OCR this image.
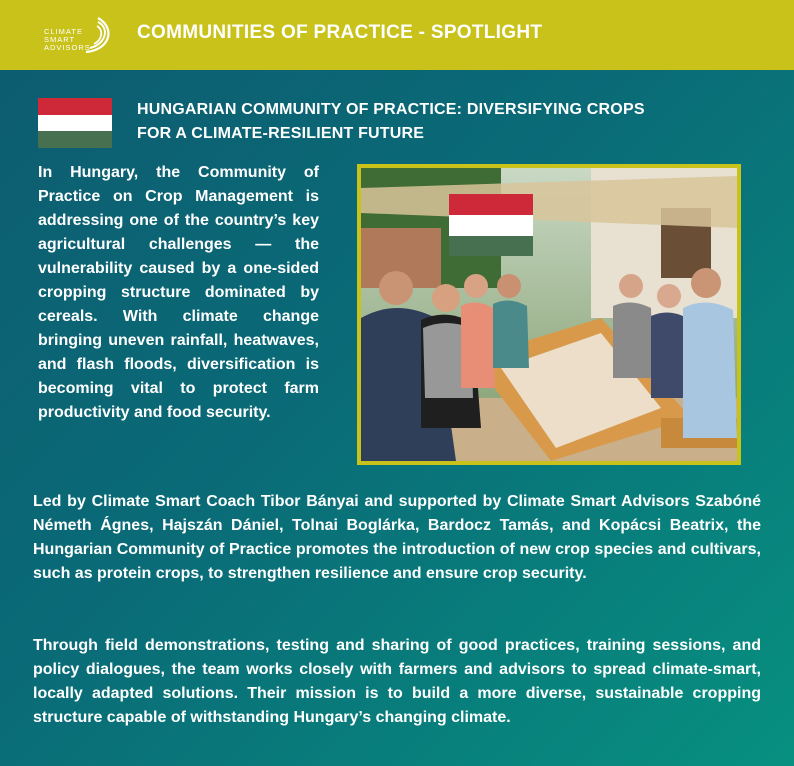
CLIMATE
SMART
ADVISORS
COMMUNITIES OF PRACTICE - SPOTLIGHT
HUNGARIAN COMMUNITY OF PRACTICE: DIVERSIFYING CROPS
FOR A CLIMATE-RESILIENT FUTURE
In Hungary, the Community of Practice on Crop Management is addressing one of the country’s key agricultural challenges — the vulnerability caused by a one-sided cropping structure dominated by cereals. With climate change bringing uneven rainfall, heatwaves, and flash floods, diversification is becoming vital to protect farm productivity and food security.
Led by Climate Smart Coach Tibor Bányai and supported by Climate Smart Advisors Szabóné Németh Ágnes, Hajszán Dániel, Tolnai Boglárka, Bardocz Tamás, and Kopácsi Beatrix, the Hungarian Community of Practice promotes the introduction of new crop species and cultivars, such as protein crops, to strengthen resilience and ensure crop security.
Through field demonstrations, testing and sharing of good practices, training sessions, and policy dialogues, the team works closely with farmers and advisors to spread climate-smart, locally adapted solutions. Their mission is to build a more diverse, sustainable cropping structure capable of withstanding Hungary’s changing climate.
